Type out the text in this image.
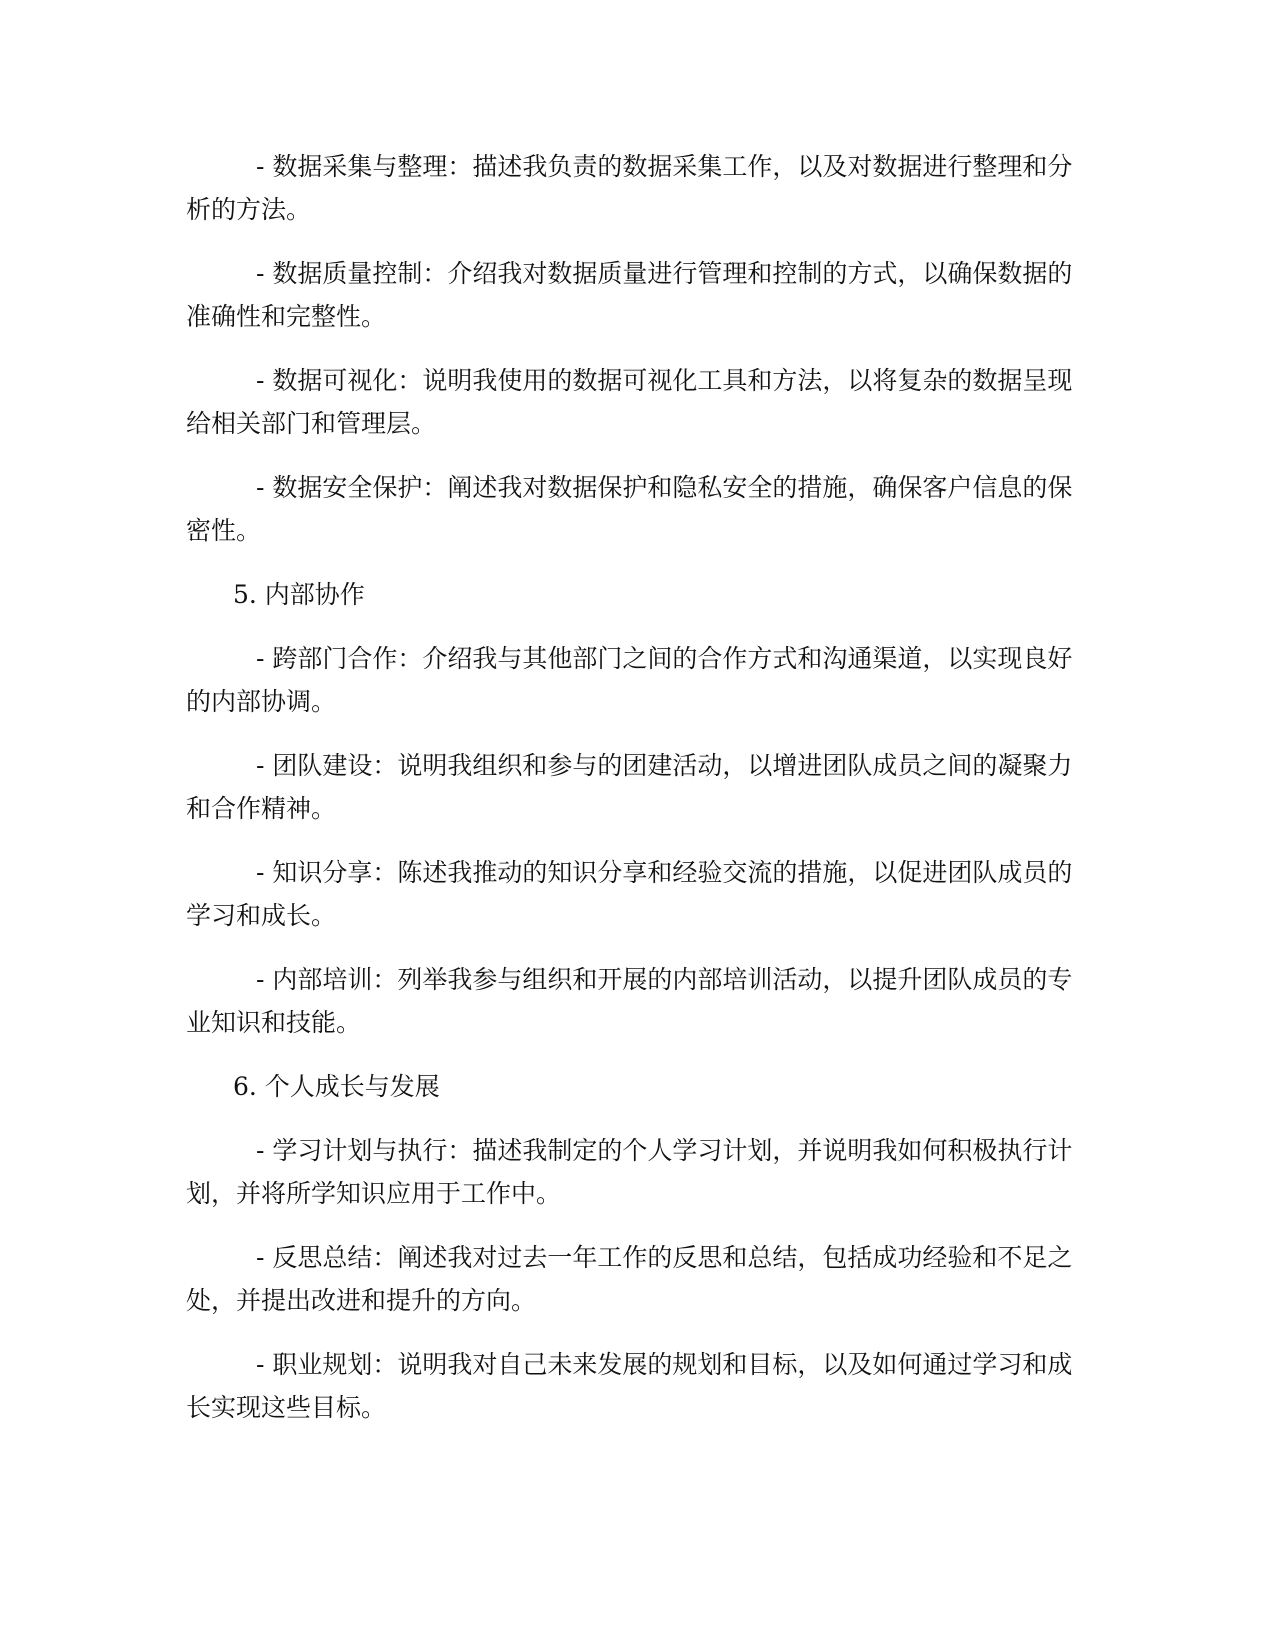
- 数据采集与整理：描述我负责的数据采集工作，以及对数据进行整理和分析的方法。

- 数据质量控制：介绍我对数据质量进行管理和控制的方式，以确保数据的准确性和完整性。

- 数据可视化：说明我使用的数据可视化工具和方法，以将复杂的数据呈现给相关部门和管理层。

- 数据安全保护：阐述我对数据保护和隐私安全的措施，确保客户信息的保密性。

5. 内部协作

- 跨部门合作：介绍我与其他部门之间的合作方式和沟通渠道，以实现良好的内部协调。

- 团队建设：说明我组织和参与的团建活动，以增进团队成员之间的凝聚力和合作精神。

- 知识分享：陈述我推动的知识分享和经验交流的措施，以促进团队成员的学习和成长。

- 内部培训：列举我参与组织和开展的内部培训活动，以提升团队成员的专业知识和技能。

6. 个人成长与发展

- 学习计划与执行：描述我制定的个人学习计划，并说明我如何积极执行计划，并将所学知识应用于工作中。

- 反思总结：阐述我对过去一年工作的反思和总结，包括成功经验和不足之处，并提出改进和提升的方向。

- 职业规划：说明我对自己未来发展的规划和目标，以及如何通过学习和成长实现这些目标。
